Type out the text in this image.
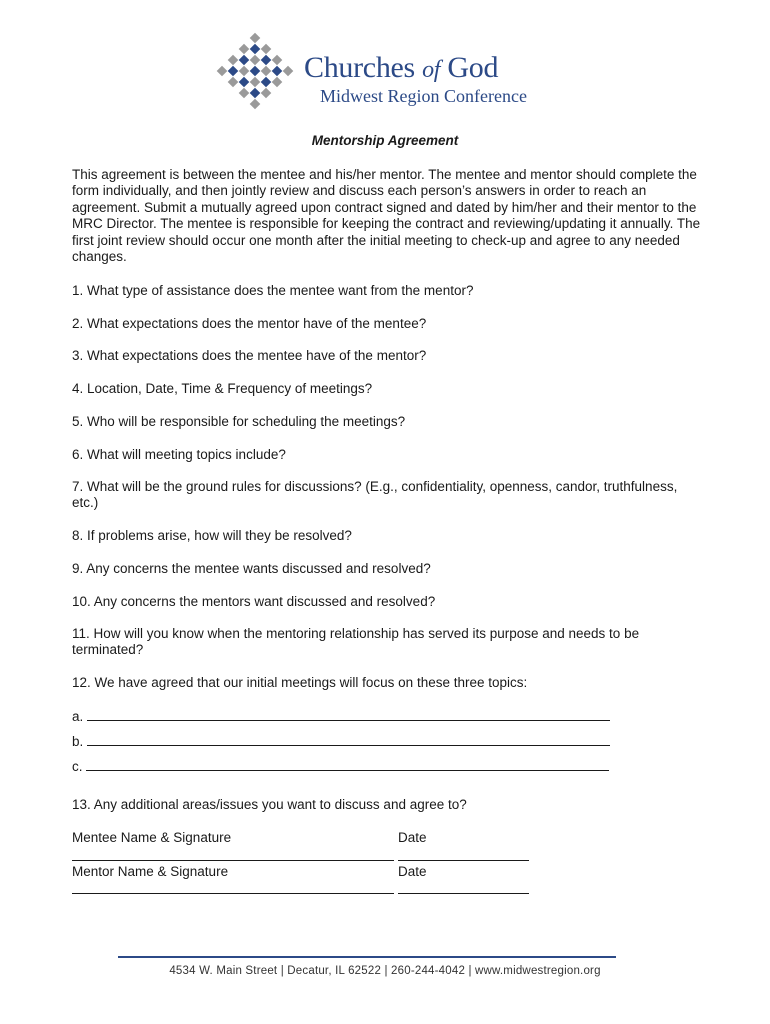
Churches of God
Midwest Region Conference
Mentorship Agreement
This agreement is between the mentee and his/her mentor. The mentee and mentor should complete the form individually, and then jointly review and discuss each person’s answers in order to reach an agreement. Submit a mutually agreed upon contract signed and dated by him/her and their mentor to the MRC Director. The mentee is responsible for keeping the contract and reviewing/updating it annually. The first joint review should occur one month after the initial meeting to check-up and agree to any needed changes.
1. What type of assistance does the mentee want from the mentor?
2. What expectations does the mentor have of the mentee?
3. What expectations does the mentee have of the mentor?
4. Location, Date, Time & Frequency of meetings?
5. Who will be responsible for scheduling the meetings?
6. What will meeting topics include?
7. What will be the ground rules for discussions? (E.g., confidentiality, openness, candor, truthfulness, etc.)
8. If problems arise, how will they be resolved?
9. Any concerns the mentee wants discussed and resolved?
10. Any concerns the mentors want discussed and resolved?
11. How will you know when the mentoring relationship has served its purpose and needs to be terminated?
12. We have agreed that our initial meetings will focus on these three topics:
a.
b.
c.
13. Any additional areas/issues you want to discuss and agree to?
Mentee Name & Signature	Date
Mentor Name & Signature	Date
4534 W. Main Street | Decatur, IL 62522 | 260-244-4042 | www.midwestregion.org
